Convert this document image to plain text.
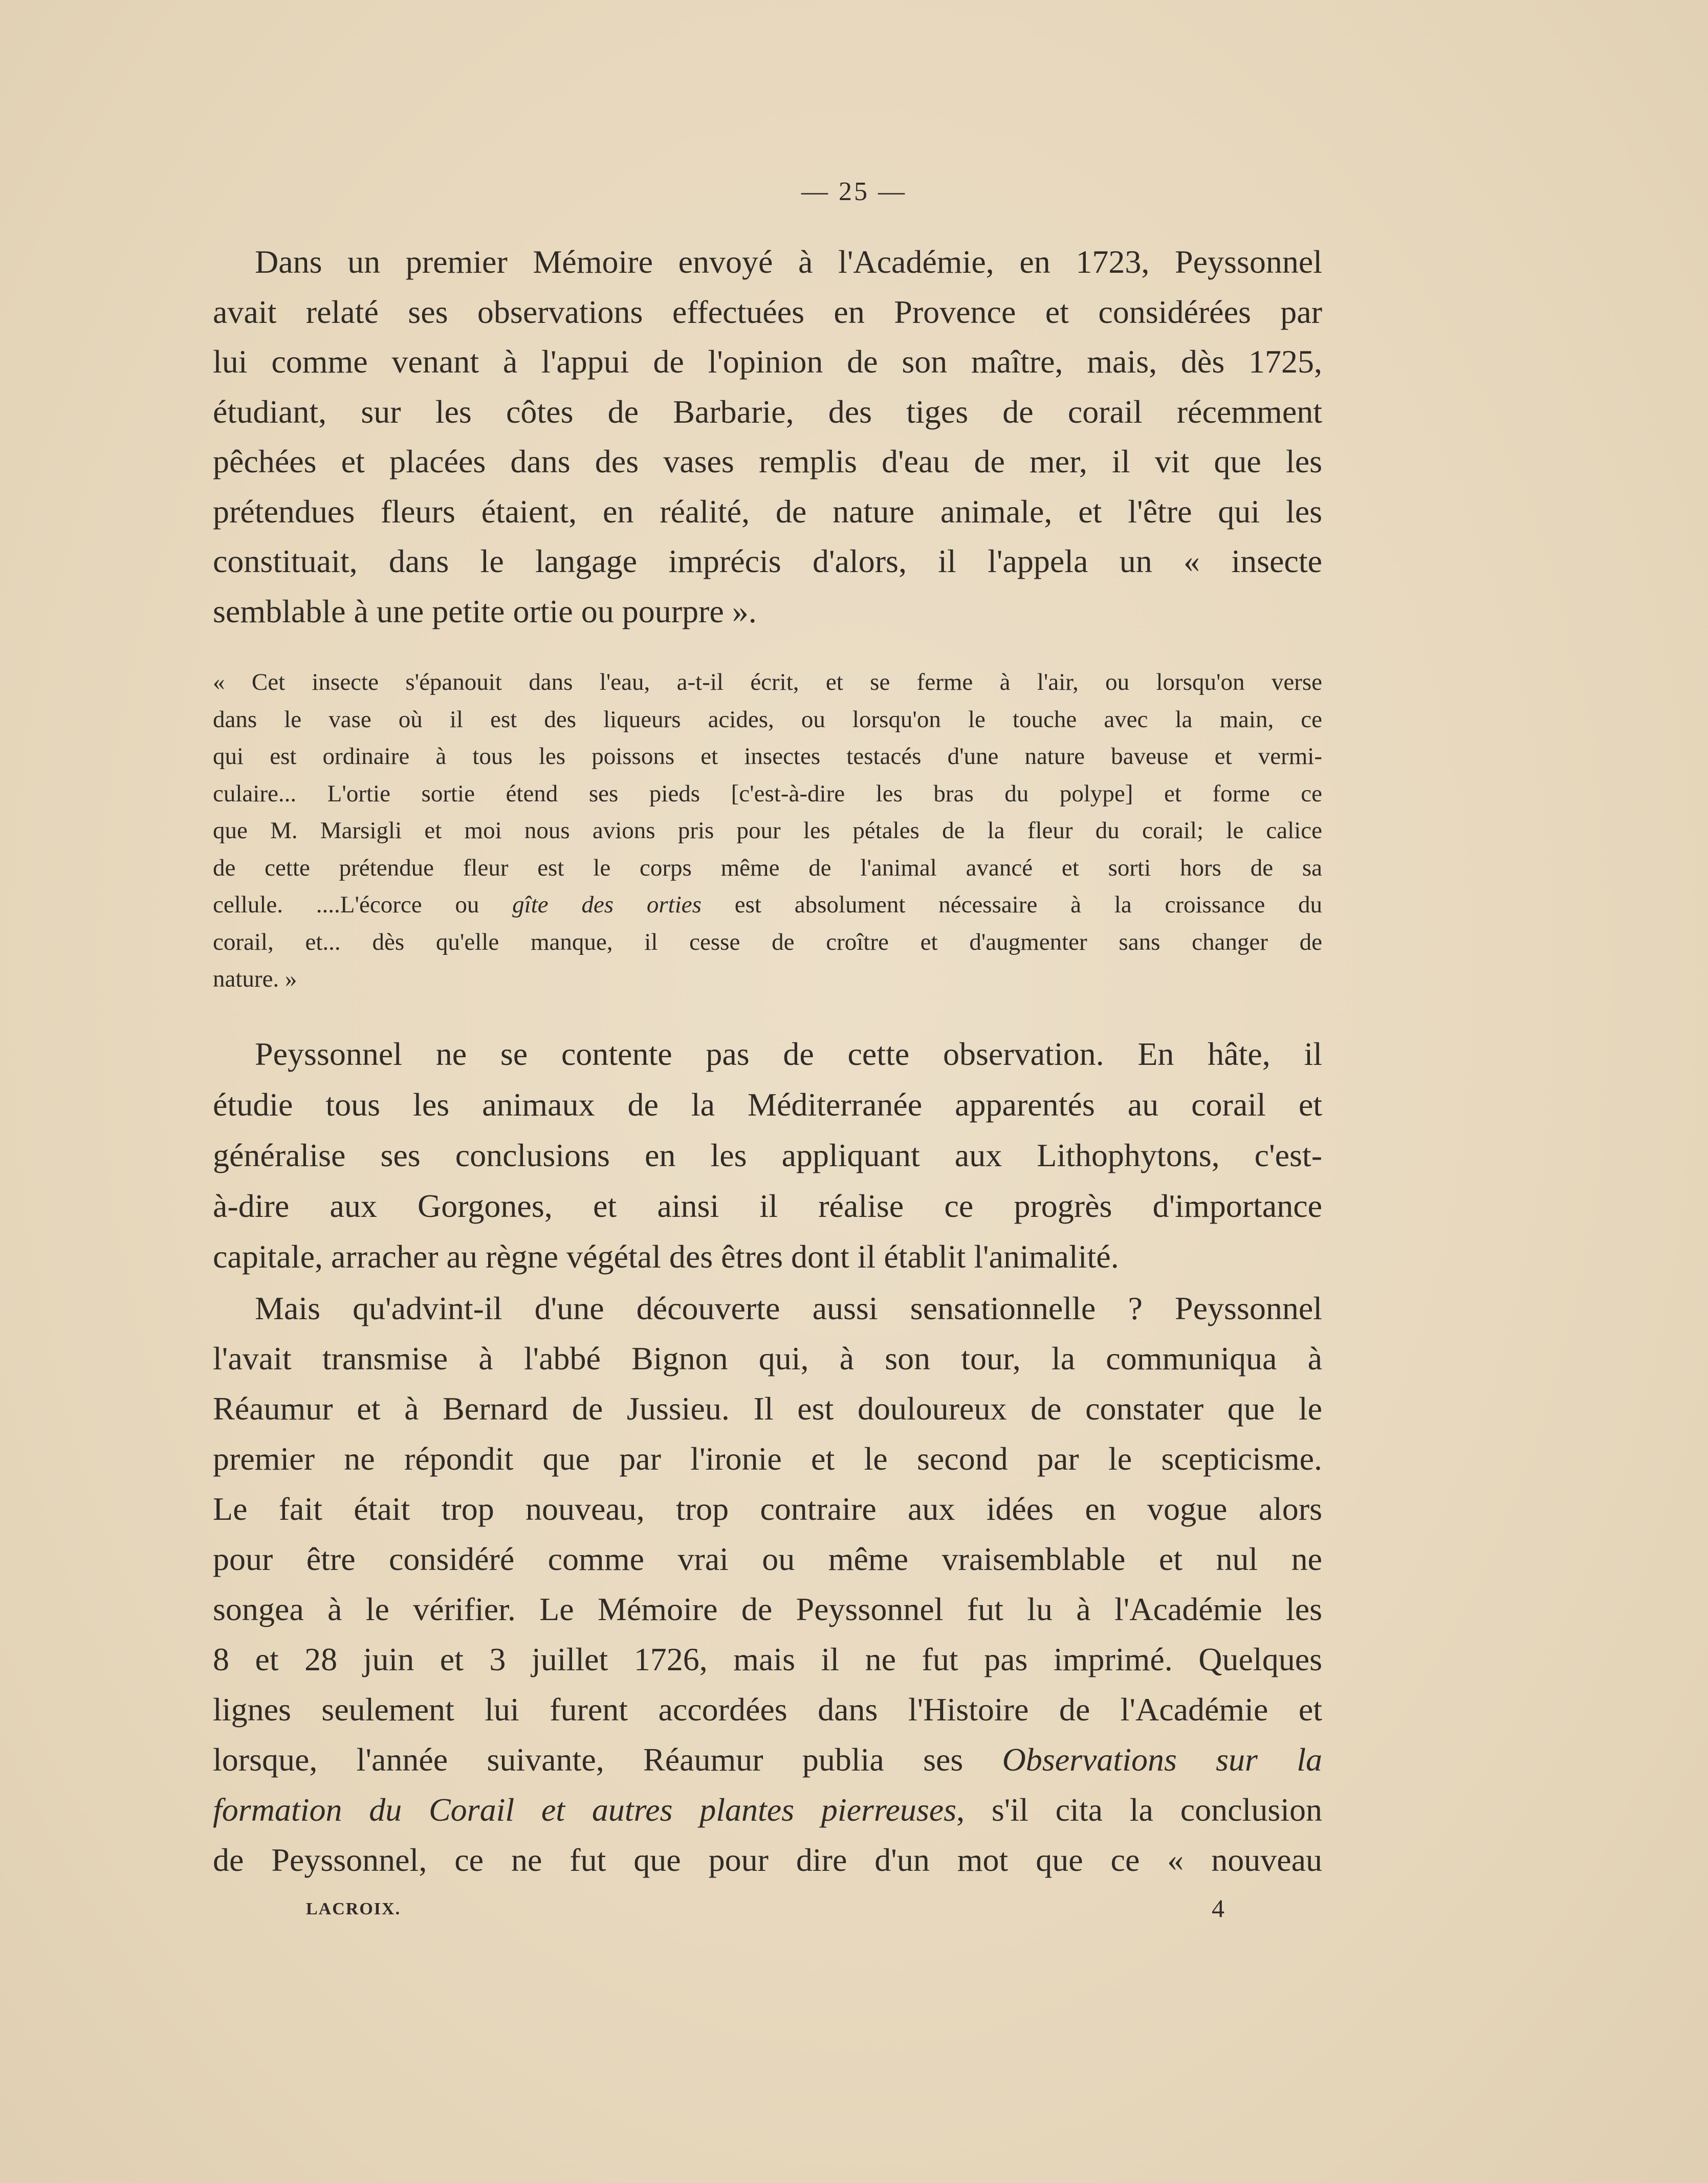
— 25 —
Dans un premier Mémoire envoyé à l'Académie, en 1723, Peyssonnel
avait relaté ses observations effectuées en Provence et considérées par
lui comme venant à l'appui de l'opinion de son maître, mais, dès 1725,
étudiant, sur les côtes de Barbarie, des tiges de corail récemment
pêchées et placées dans des vases remplis d'eau de mer, il vit que les
prétendues fleurs étaient, en réalité, de nature animale, et l'être qui les
constituait, dans le langage imprécis d'alors, il l'appela un « insecte
semblable à une petite ortie ou pourpre ».
« Cet insecte s'épanouit dans l'eau, a-t-il écrit, et se ferme à l'air, ou lorsqu'on verse
dans le vase où il est des liqueurs acides, ou lorsqu'on le touche avec la main, ce
qui est ordinaire à tous les poissons et insectes testacés d'une nature baveuse et vermi-
culaire... L'ortie sortie étend ses pieds [c'est-à-dire les bras du polype] et forme ce
que M. Marsigli et moi nous avions pris pour les pétales de la fleur du corail; le calice
de cette prétendue fleur est le corps même de l'animal avancé et sorti hors de sa
cellule. ....L'écorce ou gîte des orties est absolument nécessaire à la croissance du
corail, et... dès qu'elle manque, il cesse de croître et d'augmenter sans changer de
nature. »
Peyssonnel ne se contente pas de cette observation. En hâte, il
étudie tous les animaux de la Méditerranée apparentés au corail et
généralise ses conclusions en les appliquant aux Lithophytons, c'est-
à-dire aux Gorgones, et ainsi il réalise ce progrès d'importance
capitale, arracher au règne végétal des êtres dont il établit l'animalité.
Mais qu'advint-il d'une découverte aussi sensationnelle ? Peyssonnel
l'avait transmise à l'abbé Bignon qui, à son tour, la communiqua à
Réaumur et à Bernard de Jussieu. Il est douloureux de constater que le
premier ne répondit que par l'ironie et le second par le scepticisme.
Le fait était trop nouveau, trop contraire aux idées en vogue alors
pour être considéré comme vrai ou même vraisemblable et nul ne
songea à le vérifier. Le Mémoire de Peyssonnel fut lu à l'Académie les
8 et 28 juin et 3 juillet 1726, mais il ne fut pas imprimé. Quelques
lignes seulement lui furent accordées dans l'Histoire de l'Académie et
lorsque, l'année suivante, Réaumur publia ses Observations sur la
formation du Corail et autres plantes pierreuses, s'il cita la conclusion
de Peyssonnel, ce ne fut que pour dire d'un mot que ce « nouveau
LACROIX.	4
